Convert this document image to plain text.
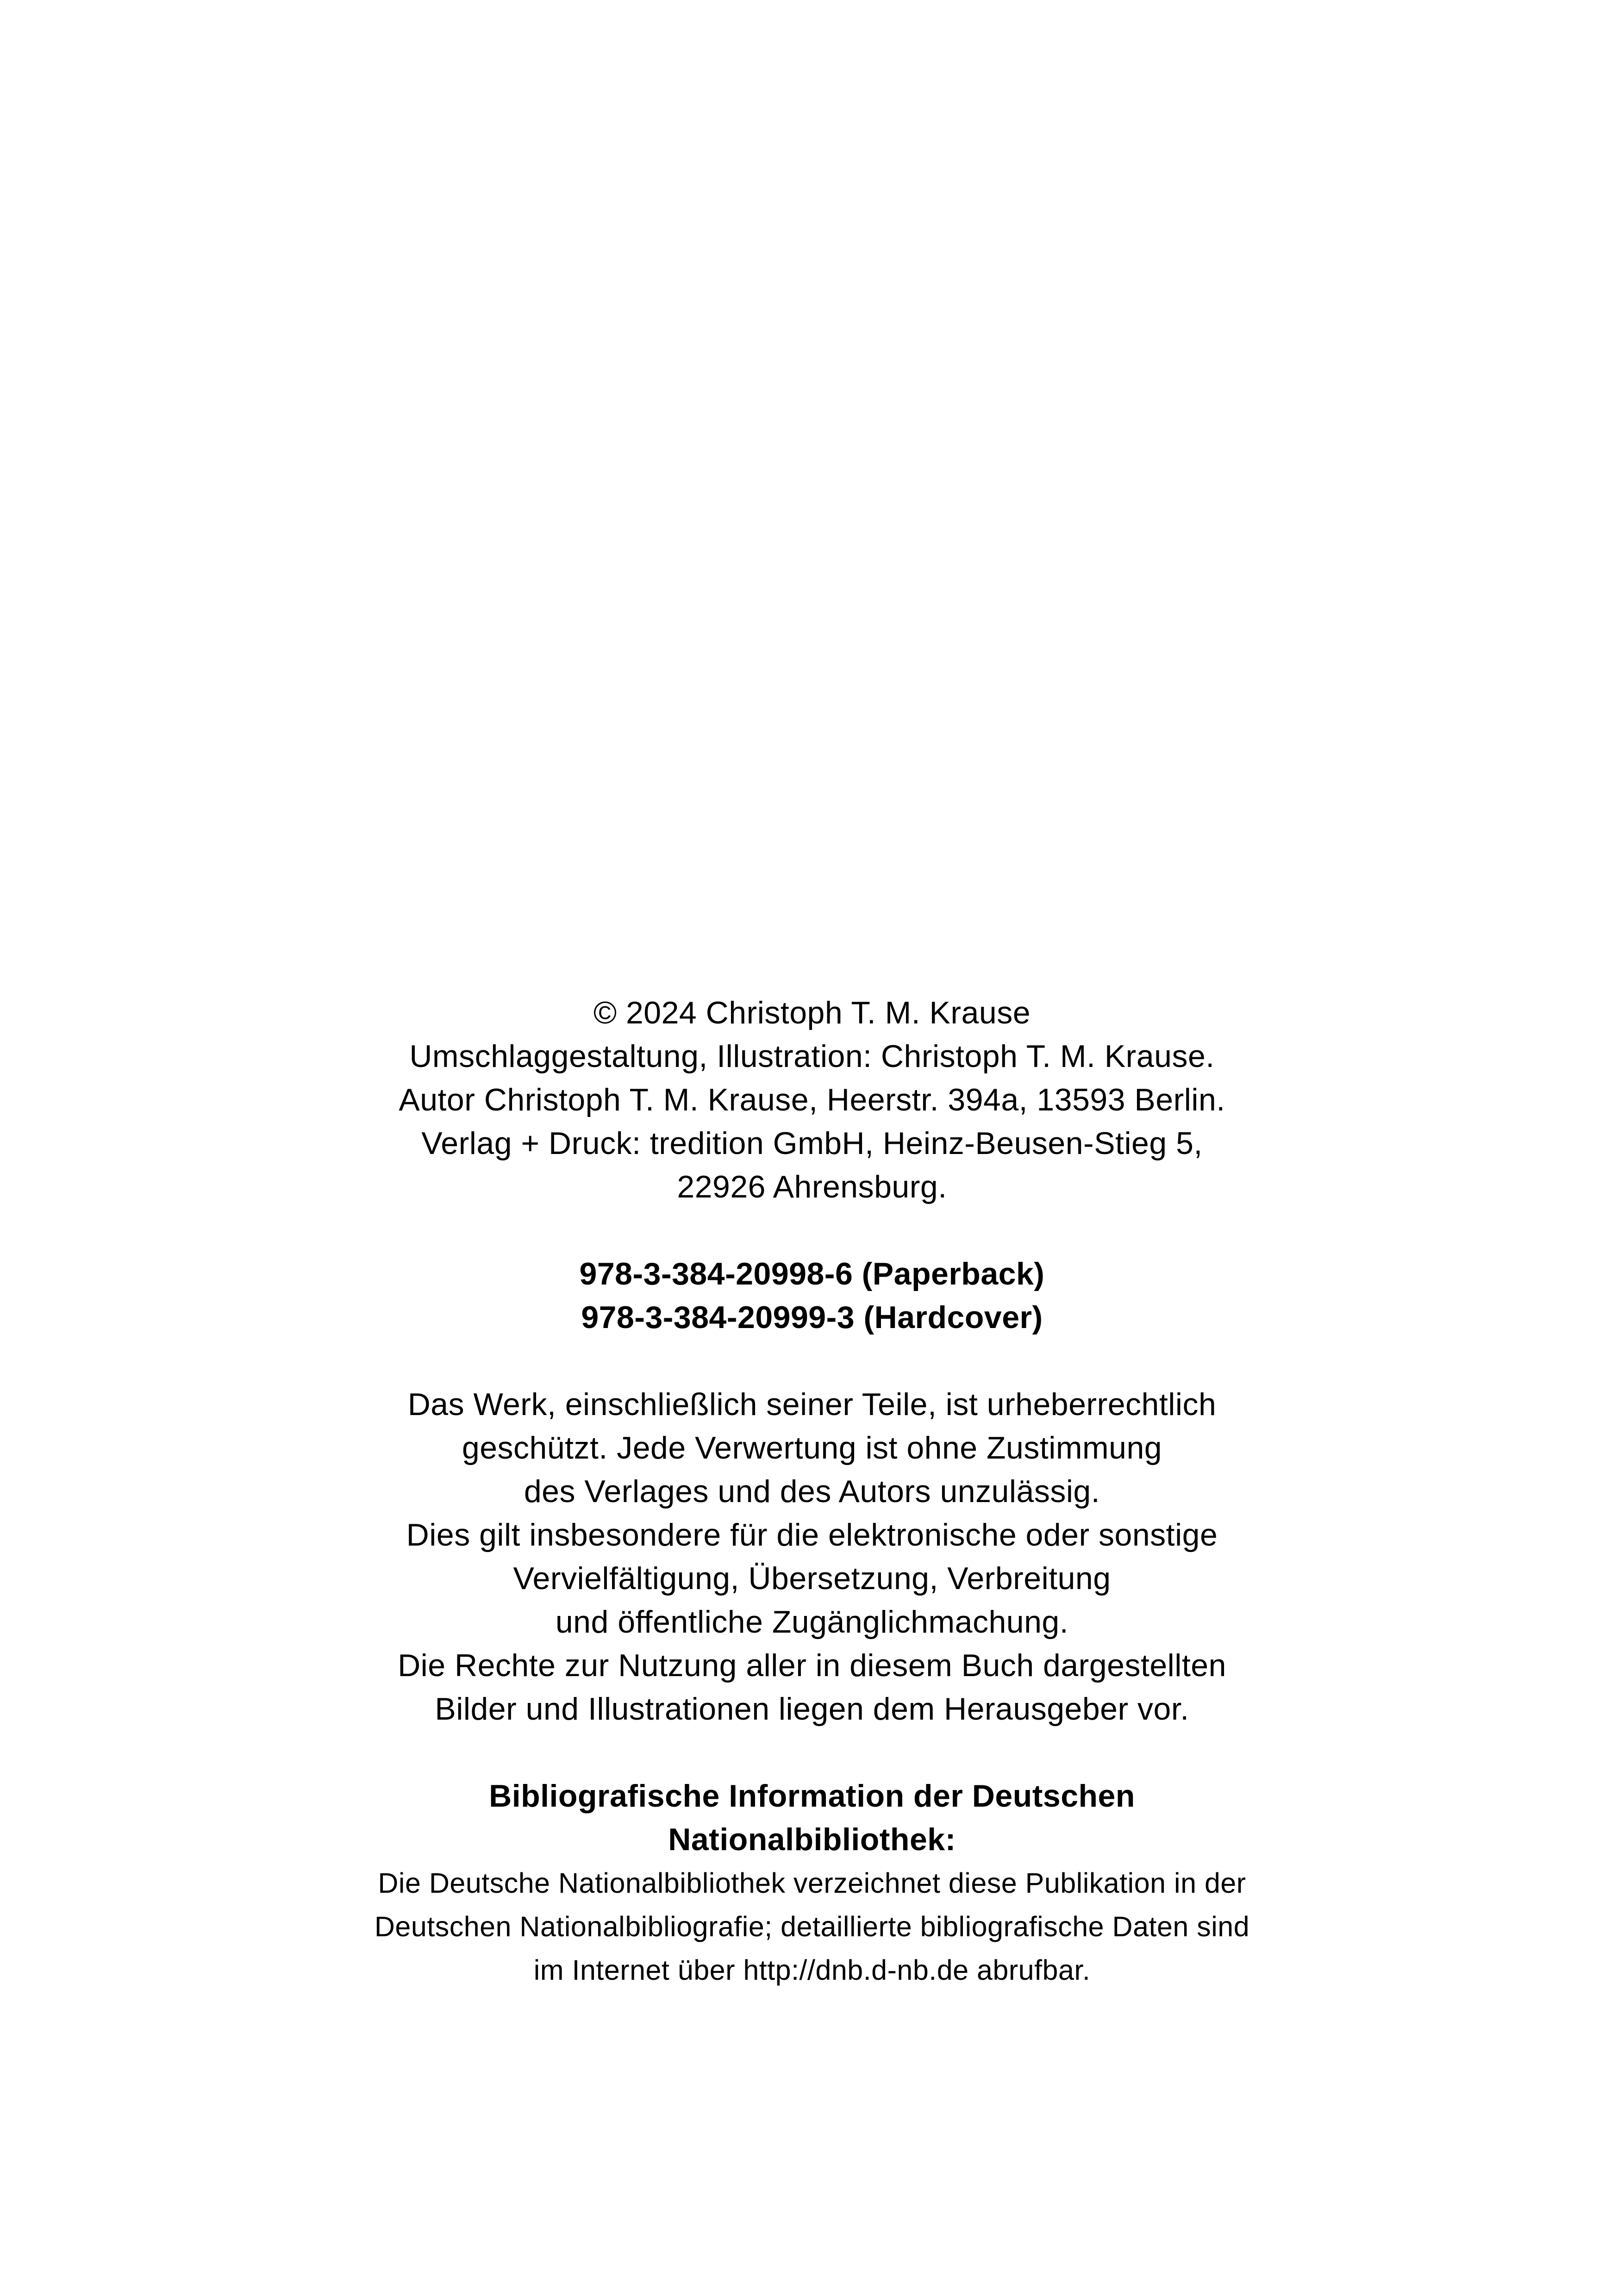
© 2024 Christoph T. M. Krause
Umschlaggestaltung, Illustration: Christoph T. M. Krause.
Autor Christoph T. M. Krause, Heerstr. 394a, 13593 Berlin.
Verlag + Druck: tredition GmbH, Heinz-Beusen-Stieg 5,
22926 Ahrensburg.

978-3-384-20998-6 (Paperback)
978-3-384-20999-3 (Hardcover)

Das Werk, einschließlich seiner Teile, ist urheberrechtlich
geschützt. Jede Verwertung ist ohne Zustimmung
des Verlages und des Autors unzulässig.
Dies gilt insbesondere für die elektronische oder sonstige
Vervielfältigung, Übersetzung, Verbreitung
und öffentliche Zugänglichmachung.
Die Rechte zur Nutzung aller in diesem Buch dargestellten
Bilder und Illustrationen liegen dem Herausgeber vor.

Bibliografische Information der Deutschen
Nationalbibliothek:

Die Deutsche Nationalbibliothek verzeichnet diese Publikation in der
Deutschen Nationalbibliografie; detaillierte bibliografische Daten sind
im Internet über http://dnb.d-nb.de abrufbar.
